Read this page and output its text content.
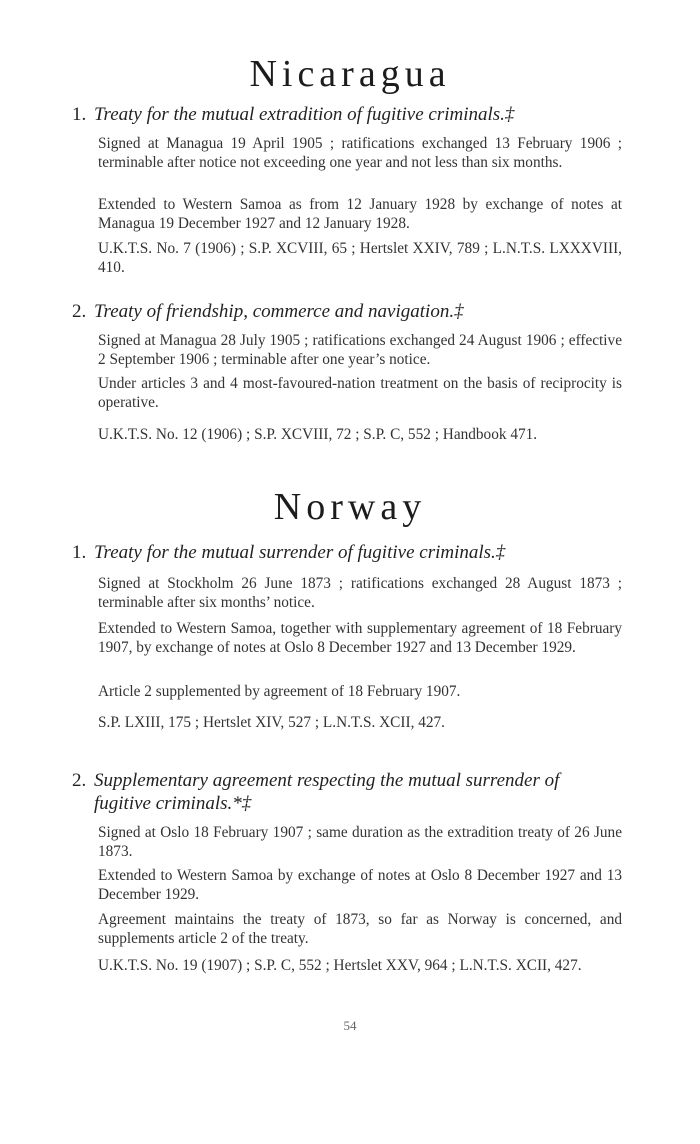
Nicaragua
1. Treaty for the mutual extradition of fugitive criminals.‡

Signed at Managua 19 April 1905 ; ratifications exchanged 13 February 1906 ; terminable after notice not exceeding one year and not less than six months.

Extended to Western Samoa as from 12 January 1928 by exchange of notes at Managua 19 December 1927 and 12 January 1928.

U.K.T.S. No. 7 (1906) ; S.P. XCVIII, 65 ; Hertslet XXIV, 789 ; L.N.T.S. LXXXVIII, 410.

2. Treaty of friendship, commerce and navigation.‡

Signed at Managua 28 July 1905 ; ratifications exchanged 24 August 1906 ; effective 2 September 1906 ; terminable after one year’s notice.

Under articles 3 and 4 most-favoured-nation treatment on the basis of reciprocity is operative.

U.K.T.S. No. 12 (1906) ; S.P. XCVIII, 72 ; S.P. C, 552 ; Handbook 471.

Norway
1. Treaty for the mutual surrender of fugitive criminals.‡

Signed at Stockholm 26 June 1873 ; ratifications exchanged 28 August 1873 ; terminable after six months’ notice.

Extended to Western Samoa, together with supplementary agreement of 18 February 1907, by exchange of notes at Oslo 8 December 1927 and 13 December 1929.

Article 2 supplemented by agreement of 18 February 1907.

S.P. LXIII, 175 ; Hertslet XIV, 527 ; L.N.T.S. XCII, 427.

2. Supplementary agreement respecting the mutual surrender of
fugitive criminals.*‡

Signed at Oslo 18 February 1907 ; same duration as the extradition treaty of 26 June 1873.

Extended to Western Samoa by exchange of notes at Oslo 8 December 1927 and 13 December 1929.

Agreement maintains the treaty of 1873, so far as Norway is concerned, and supplements article 2 of the treaty.

U.K.T.S. No. 19 (1907) ; S.P. C, 552 ; Hertslet XXV, 964 ; L.N.T.S. XCII, 427.

54
